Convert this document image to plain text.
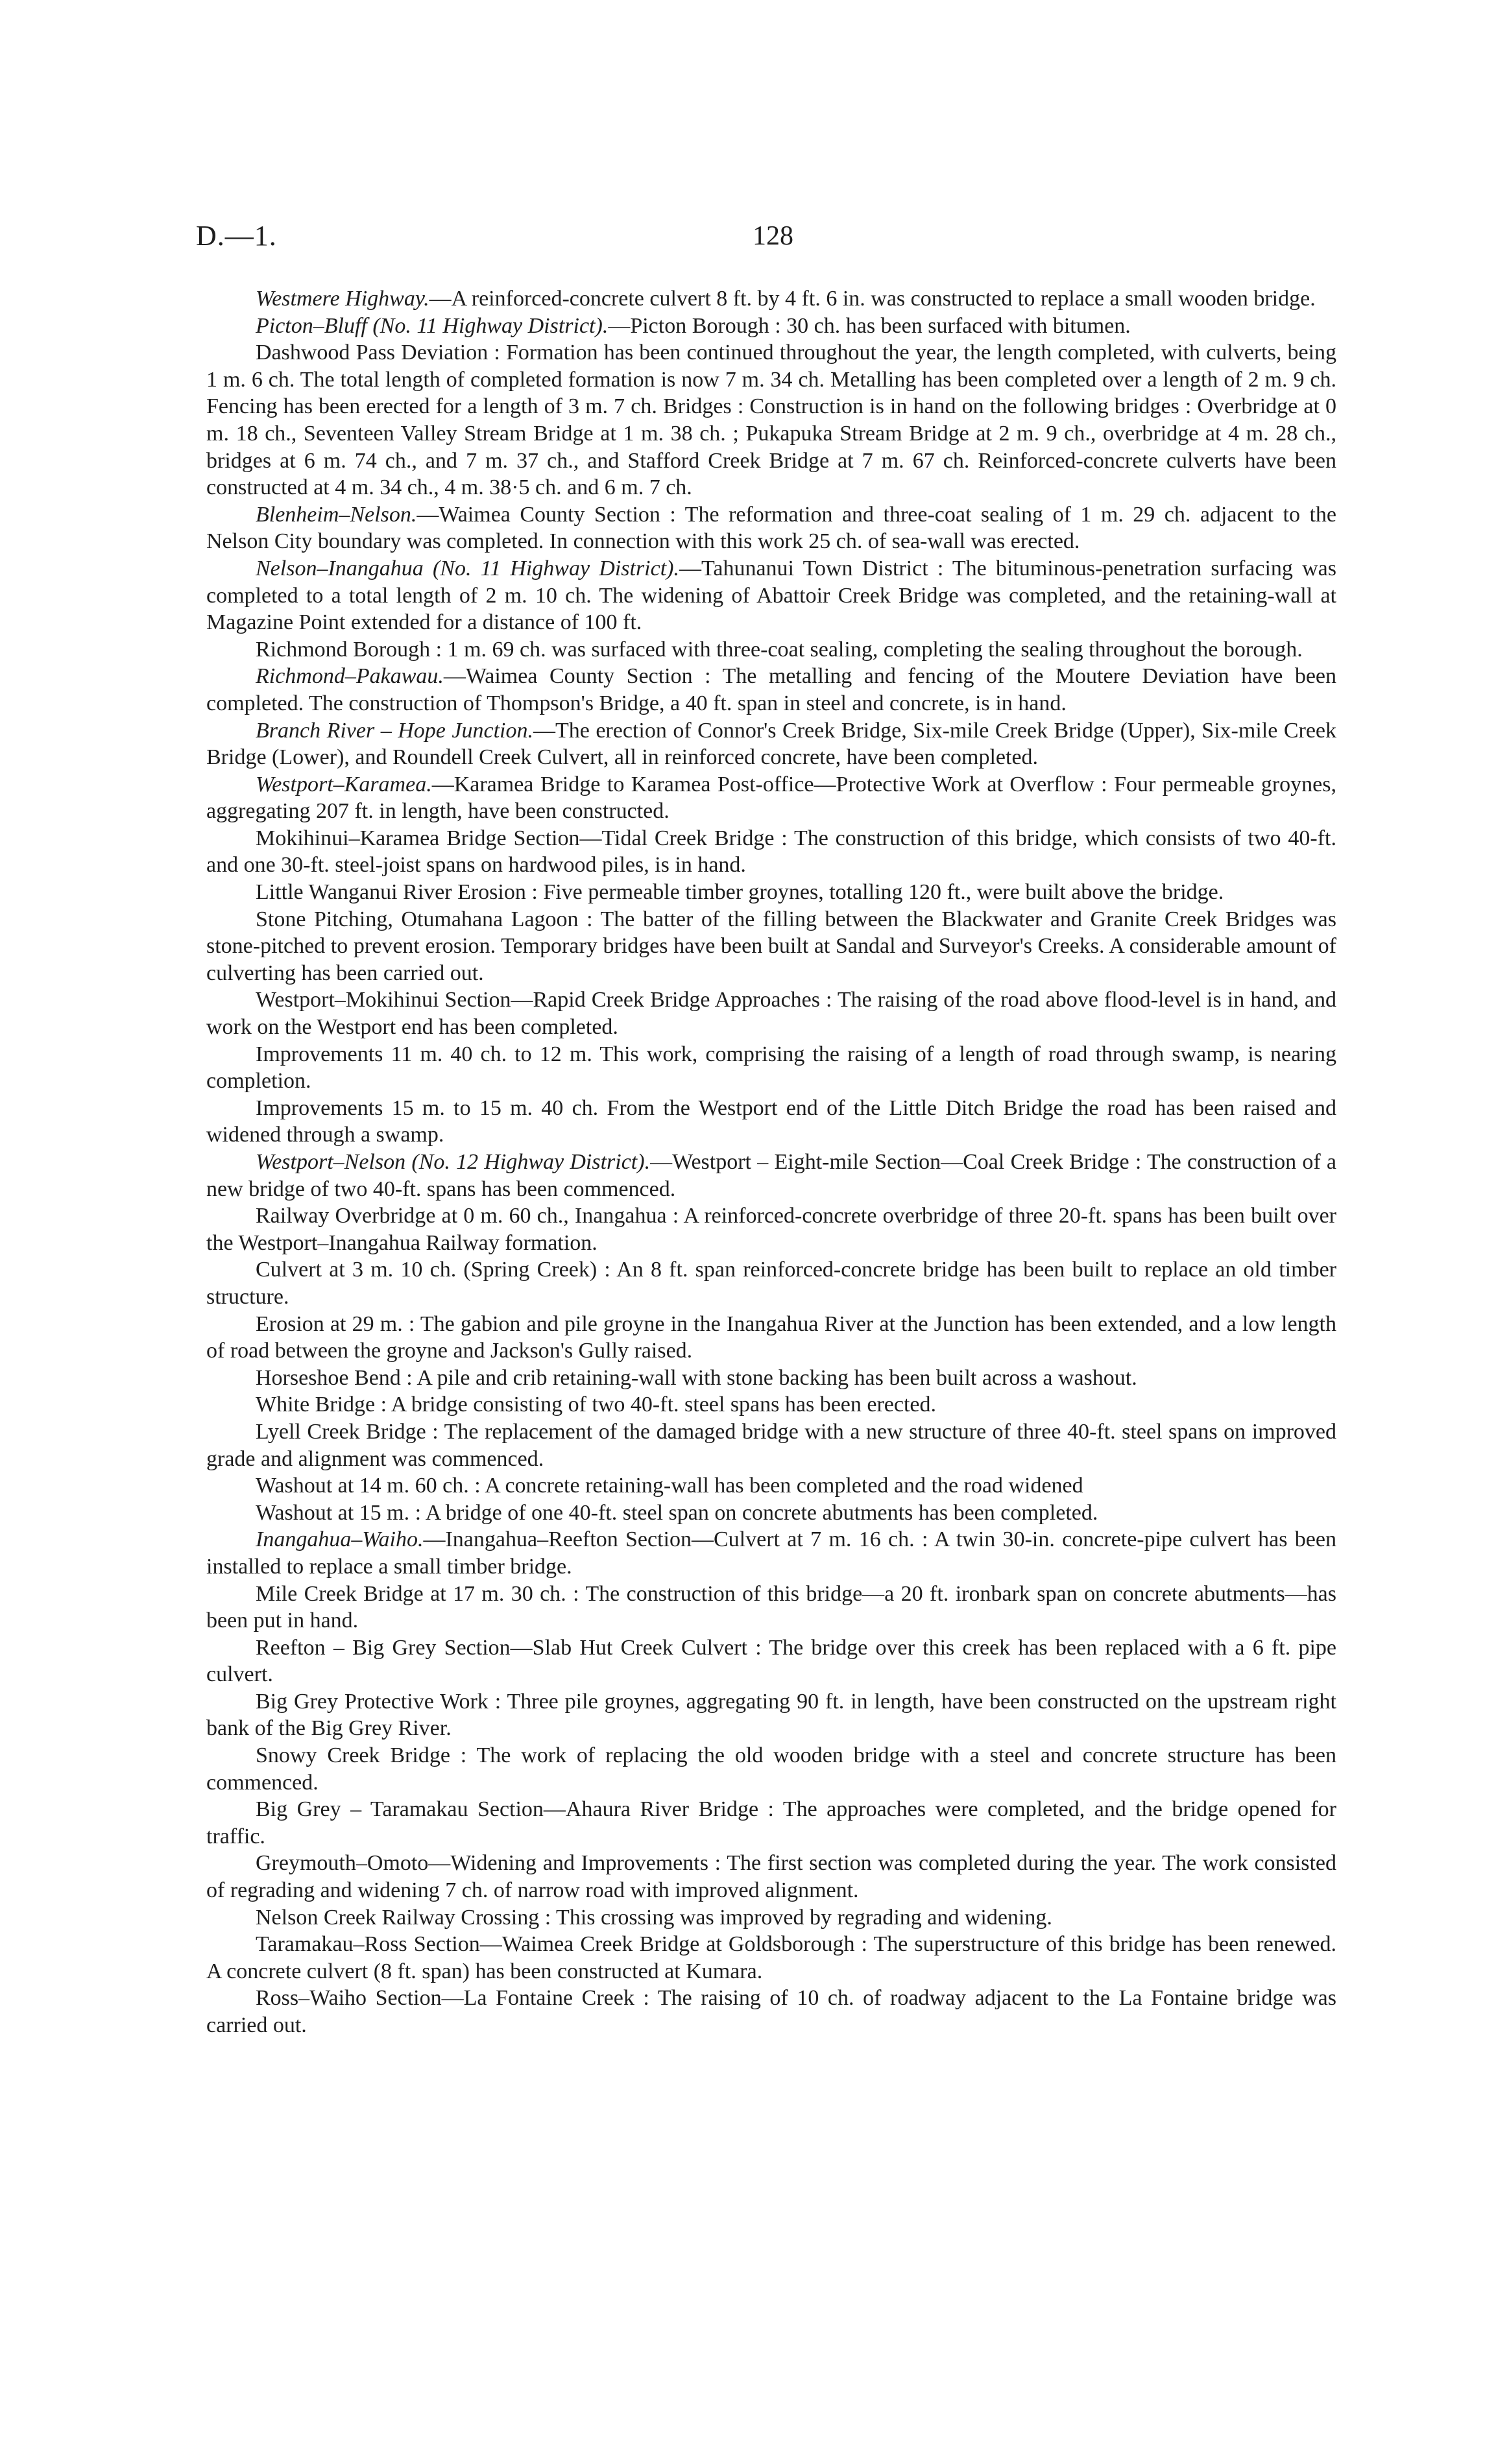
D.—1.	128

Westmere Highway.—A reinforced-concrete culvert 8 ft. by 4 ft. 6 in. was constructed to replace a small wooden bridge.

Picton–Bluff (No. 11 Highway District).—Picton Borough : 30 ch. has been surfaced with bitumen.

Dashwood Pass Deviation : Formation has been continued throughout the year, the length completed, with culverts, being 1 m. 6 ch. The total length of completed formation is now 7 m. 34 ch. Metalling has been completed over a length of 2 m. 9 ch. Fencing has been erected for a length of 3 m. 7 ch. Bridges : Construction is in hand on the following bridges : Overbridge at 0 m. 18 ch., Seventeen Valley Stream Bridge at 1 m. 38 ch. ; Pukapuka Stream Bridge at 2 m. 9 ch., overbridge at 4 m. 28 ch., bridges at 6 m. 74 ch., and 7 m. 37 ch., and Stafford Creek Bridge at 7 m. 67 ch. Reinforced-concrete culverts have been constructed at 4 m. 34 ch., 4 m. 38·5 ch. and 6 m. 7 ch.

Blenheim–Nelson.—Waimea County Section : The reformation and three-coat sealing of 1 m. 29 ch. adjacent to the Nelson City boundary was completed. In connection with this work 25 ch. of sea-wall was erected.

Nelson–Inangahua (No. 11 Highway District).—Tahunanui Town District : The bituminous-penetration surfacing was completed to a total length of 2 m. 10 ch. The widening of Abattoir Creek Bridge was completed, and the retaining-wall at Magazine Point extended for a distance of 100 ft.

Richmond Borough : 1 m. 69 ch. was surfaced with three-coat sealing, completing the sealing throughout the borough.

Richmond–Pakawau.—Waimea County Section : The metalling and fencing of the Moutere Deviation have been completed. The construction of Thompson's Bridge, a 40 ft. span in steel and concrete, is in hand.

Branch River – Hope Junction.—The erection of Connor's Creek Bridge, Six-mile Creek Bridge (Upper), Six-mile Creek Bridge (Lower), and Roundell Creek Culvert, all in reinforced concrete, have been completed.

Westport–Karamea.—Karamea Bridge to Karamea Post-office—Protective Work at Overflow : Four permeable groynes, aggregating 207 ft. in length, have been constructed.

Mokihinui–Karamea Bridge Section—Tidal Creek Bridge : The construction of this bridge, which consists of two 40-ft. and one 30-ft. steel-joist spans on hardwood piles, is in hand.

Little Wanganui River Erosion : Five permeable timber groynes, totalling 120 ft., were built above the bridge.

Stone Pitching, Otumahana Lagoon : The batter of the filling between the Blackwater and Granite Creek Bridges was stone-pitched to prevent erosion. Temporary bridges have been built at Sandal and Surveyor's Creeks. A considerable amount of culverting has been carried out.

Westport–Mokihinui Section—Rapid Creek Bridge Approaches : The raising of the road above flood-level is in hand, and work on the Westport end has been completed.

Improvements 11 m. 40 ch. to 12 m. This work, comprising the raising of a length of road through swamp, is nearing completion.

Improvements 15 m. to 15 m. 40 ch. From the Westport end of the Little Ditch Bridge the road has been raised and widened through a swamp.

Westport–Nelson (No. 12 Highway District).—Westport – Eight-mile Section—Coal Creek Bridge : The construction of a new bridge of two 40-ft. spans has been commenced.

Railway Overbridge at 0 m. 60 ch., Inangahua : A reinforced-concrete overbridge of three 20-ft. spans has been built over the Westport–Inangahua Railway formation.

Culvert at 3 m. 10 ch. (Spring Creek) : An 8 ft. span reinforced-concrete bridge has been built to replace an old timber structure.

Erosion at 29 m. : The gabion and pile groyne in the Inangahua River at the Junction has been extended, and a low length of road between the groyne and Jackson's Gully raised.

Horseshoe Bend : A pile and crib retaining-wall with stone backing has been built across a washout.

White Bridge : A bridge consisting of two 40-ft. steel spans has been erected.

Lyell Creek Bridge : The replacement of the damaged bridge with a new structure of three 40-ft. steel spans on improved grade and alignment was commenced.

Washout at 14 m. 60 ch. : A concrete retaining-wall has been completed and the road widened

Washout at 15 m. : A bridge of one 40-ft. steel span on concrete abutments has been completed.

Inangahua–Waiho.—Inangahua–Reefton Section—Culvert at 7 m. 16 ch. : A twin 30-in. concrete-pipe culvert has been installed to replace a small timber bridge.

Mile Creek Bridge at 17 m. 30 ch. : The construction of this bridge—a 20 ft. ironbark span on concrete abutments—has been put in hand.

Reefton – Big Grey Section—Slab Hut Creek Culvert : The bridge over this creek has been replaced with a 6 ft. pipe culvert.

Big Grey Protective Work : Three pile groynes, aggregating 90 ft. in length, have been constructed on the upstream right bank of the Big Grey River.

Snowy Creek Bridge : The work of replacing the old wooden bridge with a steel and concrete structure has been commenced.

Big Grey – Taramakau Section—Ahaura River Bridge : The approaches were completed, and the bridge opened for traffic.

Greymouth–Omoto—Widening and Improvements : The first section was completed during the year. The work consisted of regrading and widening 7 ch. of narrow road with improved alignment.

Nelson Creek Railway Crossing : This crossing was improved by regrading and widening.

Taramakau–Ross Section—Waimea Creek Bridge at Goldsborough : The superstructure of this bridge has been renewed. A concrete culvert (8 ft. span) has been constructed at Kumara.

Ross–Waiho Section—La Fontaine Creek : The raising of 10 ch. of roadway adjacent to the La Fontaine bridge was carried out.
